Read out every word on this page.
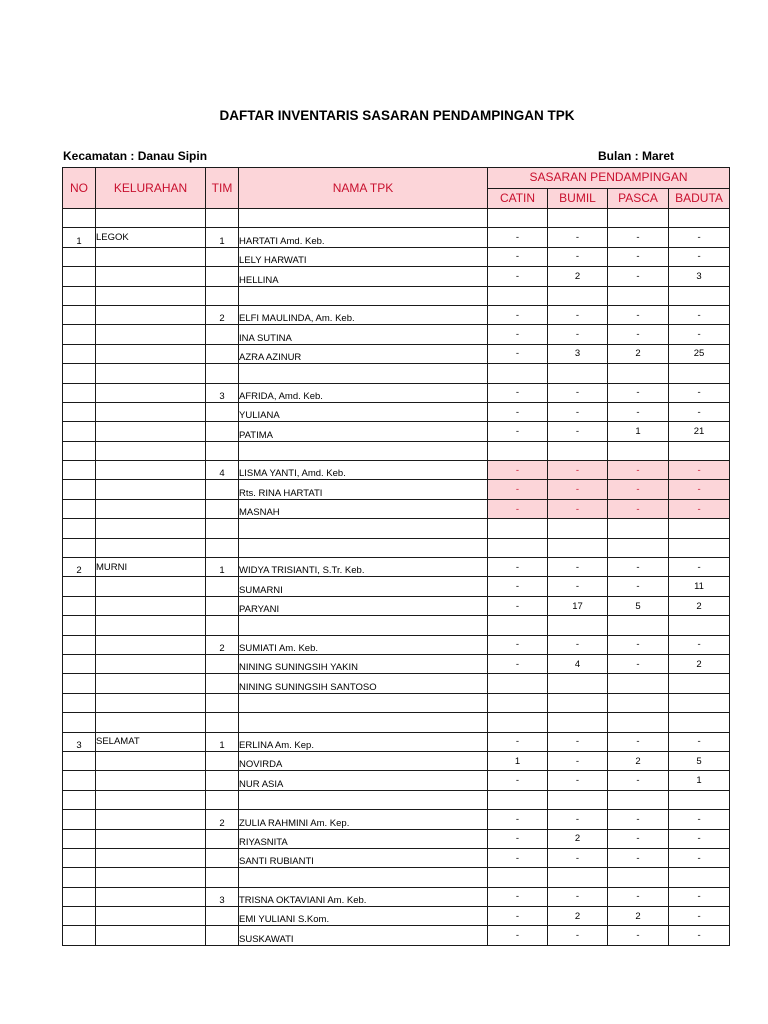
DAFTAR INVENTARIS SASARAN PENDAMPINGAN TPK
Kecamatan : Danau Sipin	Bulan : Maret
NO	KELURAHAN	TIM	NAMA TPK	SASARAN PENDAMPINGAN			
				CATIN	BUMIL	PASCA	BADUTA

1	LEGOK	1	HARTATI Amd. Keb.	-	-	-	-
			LELY HARWATI	-	-	-	-
			HELLINA	-	2	-	3

		2	ELFI MAULINDA, Am. Keb.	-	-	-	-
			INA SUTINA	-	-	-	-
			AZRA AZINUR	-	3	2	25

		3	AFRIDA, Amd. Keb.	-	-	-	-
			YULIANA	-	-	-	-
			PATIMA	-	-	1	21

		4	LISMA YANTI, Amd. Keb.	-	-	-	-
			Rts. RINA HARTATI	-	-	-	-
			MASNAH	-	-	-	-

2	MURNI	1	WIDYA TRISIANTI, S.Tr. Keb.	-	-	-	-
			SUMARNI	-	-	-	11
			PARYANI	-	17	5	2

		2	SUMIATI Am. Keb.	-	-	-	-
			NINING SUNINGSIH YAKIN	-	4	-	2
			NINING SUNINGSIH SANTOSO				

3	SELAMAT	1	ERLINA Am. Kep.	-	-	-	-
			NOVIRDA	1	-	2	5
			NUR ASIA	-	-	-	1

		2	ZULIA RAHMINI Am. Kep.	-	-	-	-
			RIYASNITA	-	2	-	-
			SANTI RUBIANTI	-	-	-	-

		3	TRISNA OKTAVIANI Am. Keb.	-	-	-	-
			EMI YULIANI S.Kom.	-	2	2	-
			SUSKAWATI	-	-	-	-
